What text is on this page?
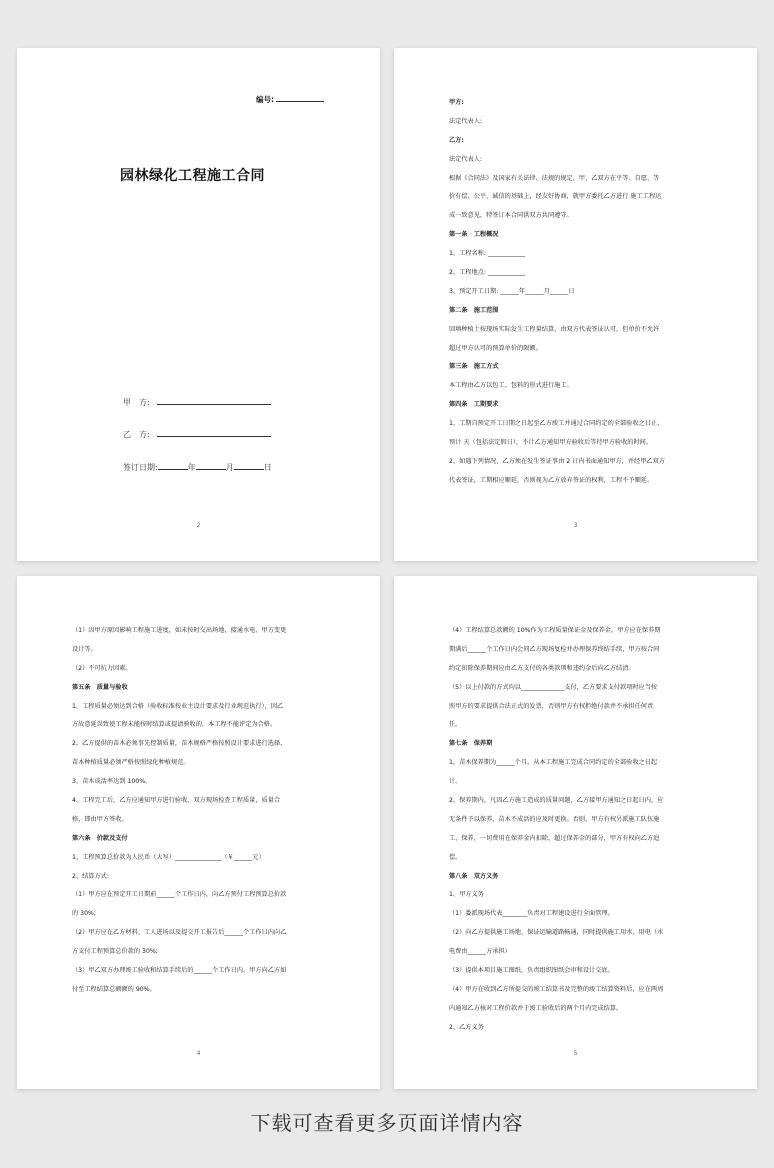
编号:
园林绿化工程施工合同
甲　方:
乙　方:
签订日期:	年	月	日
2
甲方:
法定代表人:
乙方:
法定代表人:
根据《合同法》及国家有关法律、法规的规定，甲、乙双方在平等、自愿、等
价有偿、公平、诚信的基础上，经友好协商，就甲方委托乙方进行 施工工程达
成一致意见，特签订本合同供双方共同遵守。
第一条　工程概况
1、工程名称: ____________
2、工程地点: ____________
3、预定开工日期: ______年______月______日
第二条　施工范围
回填种植土按现场实际发生工程量结算，由双方代表签证认可，但单价不允许
超过甲方认可的预算单价的限额。
第三条　施工方式
本工程由乙方以包工、包料的形式进行施工。
第四条　工期要求
1、工期自预定开工日期之日起至乙方竣工并通过合同约定的全部验收之日止，
预计 天（包括法定假日），不计乙方通知甲方验收后等待甲方验收的时间。
2、如遇下列情况，乙方须在发生签证事由 2 日内书面通知甲方，并经甲乙双方
代表签证，工期相应顺延，否则视为乙方放弃签证的权利，工程不予顺延。
3
（1）因甲方原因影响工程施工进度，如未按时交出场地、接通水电、甲方变更
设计等。
（2）不可抗力因素。
第五条　质量与验收
1、工程质量必须达到合格（验收标准按业主设计要求及行业规范执行），因乙
方故意延误致使工程未能按时结算或提请验收的，本工程不能评定为合格。
2、乙方提供的苗木必须事先控制质量，苗木规格严格按照设计要求进行选择，
苗木种植质量必须严格按照绿化种植规范。
3、苗木成活率达到 100%。
4、工程完工后，乙方应通知甲方进行验收，双方现场检查工程质量，质量合
格，即由甲方签收。
第六条　价款及支付
1、工程预算总价款为人民币（大写）_______________（￥______元）
2、结算方式:
（1）甲方应在预定开工日期前______个工作日内，向乙方预付工程预算总价款
的 30%;
（2）甲方应在乙方材料、工人进场以及提交开工报告后______个工作日内向乙
方支付工程预算总价款的 30%;
（3）甲乙双方办理竣工验收和结算手续后的______个工作日内，甲方向乙方如
付至工程结算总额额的 90%。
4
（4）工程结算总款额的 10%作为工程质量保证金及保养金，甲方应在保养期
期满后______个工作日内会同乙方现场复检并办理保养终结手续，甲方按合同
约定扣除保养期间应由乙方支付的各类款项和违约金后向乙方结清。
（5）以上付款的方式均以______________支付，乙方要求支付款项时应当按
照甲方的要求提供合法正式的发票，否则甲方有权拒绝付款并不承担任何责
任。
第七条　保养期
1、苗木保养期为______个月，从本工程施工完成合同约定的全部验收之日起
计。
2、保养期内，凡因乙方施工造成的质量问题，乙方接甲方通知之日起日内，应
无条件予以保养，苗木不成活的应及时更换。否则，甲方有权另派施工队伍施
工、保养，一切费用在保养金内扣除，超过保养金的部分，甲方有权向乙方追
偿。
第八条　双方义务
1、甲方义务
（1）委派现场代表________负责对工程建设进行全面管理。
（2）向乙方提供施工场地、保证运输道路畅通，同时提供施工用水、用电（水
电费由______方承担）
（3）提供本项目施工图纸，负责组织图纸会审和设计交底。
（4）甲方在收到乙方所提交的竣工结算书及完整的竣工结算资料后，应在两周
内通知乙方核对工程价款并于竣工验收后的两个月内完成结算。
2、乙方义务
5
下载可查看更多页面详情内容
